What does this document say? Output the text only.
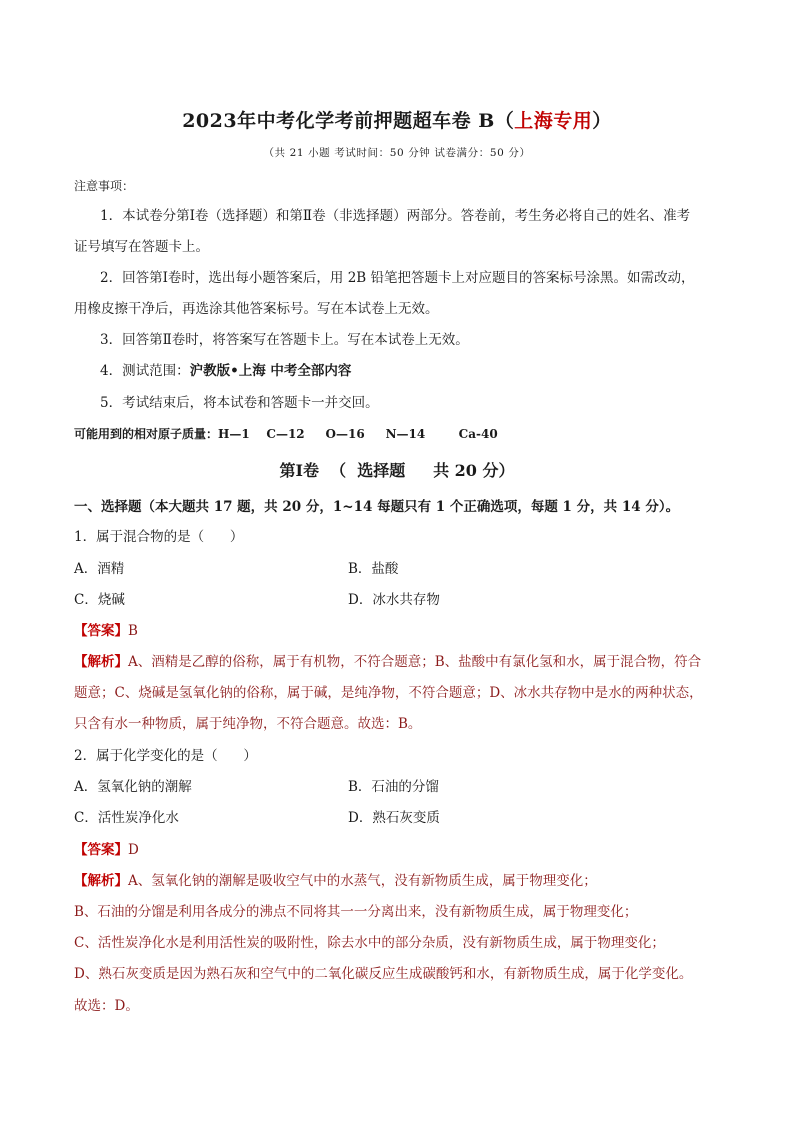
2023年中考化学考前押题超车卷 B（上海专用）
（共 21 小题 考试时间：50 分钟 试卷满分：50 分）
注意事项：
1．本试卷分第Ⅰ卷（选择题）和第Ⅱ卷（非选择题）两部分。答卷前，考生务必将自己的姓名、准考
证号填写在答题卡上。
2．回答第Ⅰ卷时，选出每小题答案后，用 2B 铅笔把答题卡上对应题目的答案标号涂黑。如需改动，
用橡皮擦干净后，再选涂其他答案标号。写在本试卷上无效。
3．回答第Ⅱ卷时，将答案写在答题卡上。写在本试卷上无效。
4．测试范围：沪教版•上海 中考全部内容
5．考试结束后，将本试卷和答题卡一并交回。
可能用到的相对原子质量：H—1    C—12     O—16     N—14        Ca-40
第Ⅰ卷  （  选择题     共 20 分）
一、选择题（本大题共 17 题，共 20 分，1~14 每题只有 1 个正确选项，每题 1 分，共 14 分）。
1．属于混合物的是（      ）
A．酒精	B．盐酸
C．烧碱	D．冰水共存物
【答案】B
【解析】A、酒精是乙醇的俗称，属于有机物，不符合题意；B、盐酸中有氯化氢和水，属于混合物，符合
题意；C、烧碱是氢氧化钠的俗称，属于碱，是纯净物，不符合题意；D、冰水共存物中是水的两种状态，
只含有水一种物质，属于纯净物，不符合题意。故选：B。
2．属于化学变化的是（      ）
A．氢氧化钠的潮解	B．石油的分馏
C．活性炭净化水	D．熟石灰变质
【答案】D
【解析】A、氢氧化钠的潮解是吸收空气中的水蒸气，没有新物质生成，属于物理变化；
B、石油的分馏是利用各成分的沸点不同将其一一分离出来，没有新物质生成，属于物理变化；
C、活性炭净化水是利用活性炭的吸附性，除去水中的部分杂质，没有新物质生成，属于物理变化；
D、熟石灰变质是因为熟石灰和空气中的二氧化碳反应生成碳酸钙和水，有新物质生成，属于化学变化。
故选：D。
